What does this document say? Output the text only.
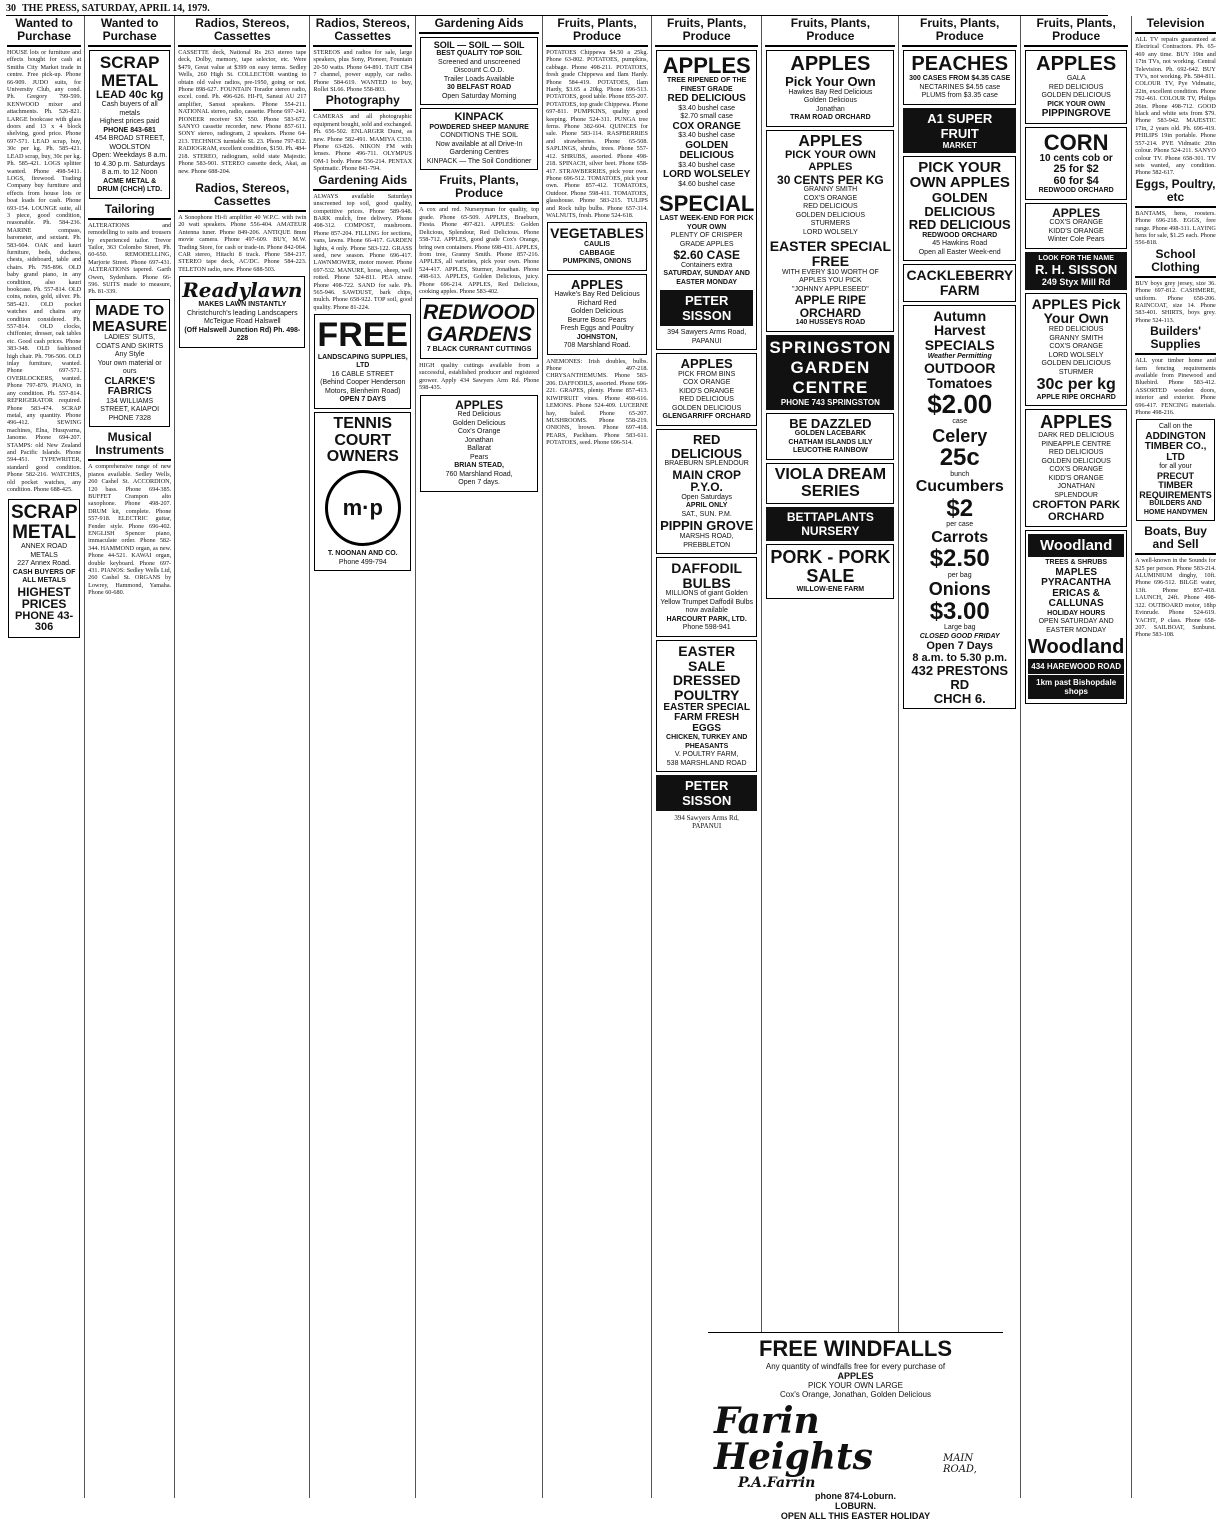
30 THE PRESS, SATURDAY, APRIL 14, 1979.
Wanted to Purchase
HOUSE lots or furniture and effects bought for cash at Smiths City Market trade in centre. Free pick-up. Phone 66-909. JUDO suits, for University Club, any cond. Ph. Gregory 799-599. KENWOOD mixer and attachments. Ph. 526-821. LARGE bookcase with glass doors and 13 x 4 block shelving, good price. Phone 697-571. LEAD scrap, buy, 30c per kg. Ph. 585-421. LEAD scrap, buy, 30c per kg. Ph. 585-421. LOGS splitter wanted. Phone 498-5411. LOGS, firewood. Trading Company buy furniture and effects from house lots or boat loads for cash. Phone 693-154. LOUNGE suite, all 3 piece, good condition, reasonable. Ph. 584-236. MARINE compass, barometer, and sextant. Ph. 583-604. OAK and kauri furniture, beds, duchess, chests, sideboard, table and chairs. Ph. 795-896. OLD baby grand piano, in any condition, also kauri bookcase. Ph. 557-814. OLD coins, notes, gold, silver. Ph. 585-421. OLD pocket watches and chains any condition considered. Ph. 557-814. OLD clocks, chiffonier, dresser, oak tables etc. Good cash prices. Phone 383-348. OLD fashioned high chair. Ph. 796-506. OLD inlay furniture, wanted. Phone 697-571. OVERLOCKERS, wanted. Phone 797-879. PIANO, in any condition. Ph. 557-814. REFRIGERATOR required. Phone 583-474. SCRAP metal, any quantity. Phone 496-412. SEWING machines, Elna, Husqvarna, Janome. Phone 694-207. STAMPS: old New Zealand and Pacific Islands. Phone 594-451. TYPEWRITER, standard good condition. Phone 582-216. WATCHES, old pocket watches, any condition. Phone 688-425.
SCRAP METAL
ANNEX ROAD METALS
227 Annex Road.
CASH BUYERS OF ALL METALS
HIGHEST PRICES
PHONE 43-306
Wanted to Purchase
SCRAP METAL
LEAD 40c kg
Cash buyers of all metals
Highest prices paid
PHONE 843-681
454 BROAD STREET, WOOLSTON
Open: Weekdays 8 a.m. to 4.30 p.m. Saturdays 8 a.m. to 12 Noon
ACME METAL & DRUM (CHCH) LTD.
Tailoring
ALTERATIONS and remodelling to suits and trousers by experienced tailor. Trevor Tailor, 363 Colombo Street, Ph. 60-650. REMODELLING, Marjorie Street. Phone 697-431. ALTERATIONS tapered. Garth Owen, Sydenham. Phone 66-596. SUITS made to measure, Ph. 81-339.
MADE TO MEASURE
LADIES' SUITS, COATS AND SKIRTS
Any Style
Your own material or ours
CLARKE'S FABRICS
134 WILLIAMS STREET, KAIAPOI
PHONE 7328
Musical Instruments
A comprehensive range of new pianos available. Sedley Wells, 260 Cashel St. ACCORDION, 120 bass. Phone 694-385. BUFFET Crampon alto saxophone. Phone 498-207. DRUM kit, complete. Phone 557-918. ELECTRIC guitar, Fender style. Phone 696-402. ENGLISH Spencer piano, immaculate order. Phone 582-344. HAMMOND organ, as new. Phone 44-521. KAWAI organ, double keyboard. Phone 697-431. PIANOS: Sedley Wells Ltd, 260 Cashel St. ORGANS by Lowrey, Hammond, Yamaha. Phone 60-680.
Radios, Stereos, Cassettes
CASSETTE deck, National Rs 263 stereo tape deck, Dolby, memory, tape selector, etc. Were $479, Great value at $399 on easy terms. Sedley Wells, 260 High St. COLLECTOR wanting to obtain old valve radios, pre-1950, going or not. Phone 898-627. FOUNTAIN Torador stereo radio, excel. cond. Ph. 496-626. HI-FI, Sansui AU 217 amplifier, Sansui speakers. Phone 554-211. NATIONAL stereo, radio, cassette. Phone 697-241. PIONEER receiver SX 550. Phone 583-672. SANYO cassette recorder, new. Phone 857-611. SONY stereo, radiogram, 2 speakers. Phone 64-213. TECHNICS turntable SL 23. Phone 797-812. RADIOGRAM, excellent condition, $150. Ph. 484-218. STEREO, radiogram, solid state Majestic. Phone 583-901. STEREO cassette deck, Akai, as new. Phone 688-204.
Radios, Stereos, Cassettes
A Sonophone Hi-fi amplifier 40 W.P.C. with twin 20 watt speakers. Phone 556-404. AMATEUR Antenna tuner. Phone 849-206. ANTIQUE 8mm movie camera. Phone 497-609. BUY, M.W. Trading Store, for cash or trade-in. Phone 842-064. CAR stereo, Hitachi 8 track. Phone 584-217. STEREO tape deck, AC/DC. Phone 584-223. TELETON radio, new. Phone 688-503.
Readylawn
MAKES LAWN INSTANTLY
Christchurch's leading Landscapers
McTeigue Road Halswell
(Off Halswell Junction Rd) Ph. 498-228
Radios, Stereos, Cassettes
STEREOS and radios for sale, large speakers, plus Sony, Pioneer, Fountain 20-50 watts. Phone 64-891. TAIT CB4 7 channel, power supply, car radio. Phone 584-619. WANTED to buy, Rollei SL66. Phone 558-803.
Photography
CAMERAS and all photographic equipment bought, sold and exchanged. Ph. 656-502. ENLARGER Durst, as new. Phone 582-491. MAMIYA C330. Phone 63-826. NIKON FM with lenses. Phone 496-711. OLYMPUS OM-1 body. Phone 556-214. PENTAX Spotmatic. Phone 841-794.
Gardening Aids
ALWAYS available Saturdays unscreened top soil, good quality, competitive prices. Phone 589-948. BARK mulch, free delivery. Phone 498-312. COMPOST, mushroom. Phone 857-204. FILLING for sections, vans, lawns. Phone 66-417. GARDEN lights, 4 only. Phone 583-122. GRASS seed, new season. Phone 696-417. LAWNMOWER, motor mower. Phone 697-532. MANURE, horse, sheep, well rotted. Phone 524-811. PEA straw. Phone 498-722. SAND for sale. Ph. 565-946. SAWDUST, bark chips, mulch. Phone 658-922. TOP soil, good quality. Phone 81-224.
FREE
LANDSCAPING SUPPLIES, LTD
16 CABLE STREET
(Behind Cooper Henderson Motors, Blenheim Road)
OPEN 7 DAYS
TENNIS COURT OWNERS
m·p
T. NOONAN AND CO.
Phone 499-794
Gardening Aids
SOIL — SOIL — SOIL
BEST QUALITY TOP SOIL
Screened and unscreened
Discount C.O.D.
Trailer Loads Available
30 BELFAST ROAD
Open Saturday Morning
KINPACK
POWDERED SHEEP MANURE
CONDITIONS THE SOIL
Now available at all Drive-In Gardening Centres
KINPACK — The Soil Conditioner
Fruits, Plants, Produce
A cox and red. Nurseryman for quality, top grade. Phone 65-509. APPLES, Braeburn, Fiesta. Phone 497-821. APPLES: Golden Delicious, Splendour, Red Delicious. Phone 558-712. APPLES, good grade Cox's Orange, bring own containers. Phone 698-431. APPLES, from tree, Granny Smith. Phone 857-216. APPLES, all varieties, pick your own. Phone 524-417. APPLES, Sturmer, Jonathan. Phone 498-613. APPLES, Golden Delicious, juicy. Phone 696-214. APPLES, Red Delicious, cooking apples. Phone 583-402.
REDWOOD GARDENS
7 BLACK CURRANT CUTTINGS
HIGH quality cuttings available from a successful, established producer and registered grower. Apply 434 Sawyers Arm Rd. Phone 598-435.
APPLES
Red Delicious
Golden Delicious
Cox's Orange
Jonathan
Ballarat
Pears
BRIAN STEAD,
760 Marshland Road,
Open 7 days.
Fruits, Plants, Produce
POTATOES Chippewa $4.50 a 25kg. Phone 63-802. POTATOES, pumpkins, cabbage. Phone 498-211. POTATOES, fresh grade Chippewa and Ilam Hardy. Phone 584-419. POTATOES, Ilam Hardy, $3.65 a 20kg. Phone 696-513. POTATOES, good table. Phone 855-207. POTATOES, top grade Chippewa. Phone 697-811. PUMPKINS, quality good keeping. Phone 524-311. PUNGA tree ferns. Phone 382-604. QUINCES for sale. Phone 583-114. RASPBERRIES and strawberries. Phone 65-508. SAPLINGS, shrubs, trees. Phone 557-412. SHRUBS, assorted. Phone 498-218. SPINACH, silver beet. Phone 658-417. STRAWBERRIES, pick your own. Phone 696-512. TOMATOES, pick your own. Phone 857-412. TOMATOES, Outdoor. Phone 598-411. TOMATOES, glasshouse. Phone 583-215. TULIPS and Rock tulip bulbs. Phone 657-314. WALNUTS, fresh. Phone 524-618.
VEGETABLES
CAULIS
CABBAGE
PUMPKINS, ONIONS
APPLES
Hawke's Bay Red Delicious
Richard Red
Golden Delicious
Beurre Bosc Pears
Fresh Eggs and Poultry
JOHNSTON,
708 Marshland Road.
ANEMONES: Irish doubles, bulbs. Phone 497-218. CHRYSANTHEMUMS. Phone 583-206. DAFFODILS, assorted. Phone 696-221. GRAPES, plenty. Phone 857-413. KIWIFRUIT vines. Phone 498-616. LEMONS. Phone 524-409. LUCERNE hay, baled. Phone 65-207. MUSHROOMS. Phone 558-219. ONIONS, brown. Phone 697-418. PEARS, Packham. Phone 583-611. POTATOES, seed. Phone 696-514.
Fruits, Plants, Produce
APPLES
TREE RIPENED OF THE FINEST GRADE
RED DELICIOUS
$3.40 bushel case
$2.70 small case
COX ORANGE
$3.40 bushel case
GOLDEN DELICIOUS
$3.40 bushel case
LORD WOLSELEY
$4.60 bushel case
SPECIAL
LAST WEEK-END FOR PICK YOUR OWN
PLENTY OF CRISPER GRADE APPLES
$2.60 CASE
Containers extra
SATURDAY, SUNDAY AND EASTER MONDAY
PETER SISSON
394 Sawyers Arms Road,
PAPANUI
APPLES
PICK FROM BINS
COX ORANGE
KIDD'S ORANGE
RED DELICIOUS
GOLDEN DELICIOUS
GLENGARRIFF ORCHARD
RED DELICIOUS
BRAEBURN SPLENDOUR
MAIN CROP
P.Y.O.
Open Saturdays
APRIL ONLY
SAT., SUN. P.M.
PIPPIN GROVE
MARSHS ROAD, PREBBLETON
DAFFODIL BULBS
MILLIONS of giant Golden Yellow Trumpet Daffodil Bulbs now available
HARCOURT PARK, LTD.
Phone 598-941
EASTER SALE DRESSED POULTRY
EASTER SPECIAL
FARM FRESH EGGS
CHICKEN, TURKEY AND PHEASANTS
V. POULTRY FARM,
538 MARSHLAND ROAD
PETER SISSON
394 Sawyers Arms Rd,
PAPANUI
Fruits, Plants, Produce
APPLES
Pick Your Own
Hawkes Bay Red Delicious
Golden Delicious
Jonathan
TRAM ROAD ORCHARD
APPLES
PICK YOUR OWN APPLES
30 CENTS PER KG
GRANNY SMITH
COX'S ORANGE
RED DELICIOUS
GOLDEN DELICIOUS
STURMERS
LORD WOLSELY
EASTER SPECIAL FREE
WITH EVERY $10 WORTH OF APPLES YOU PICK
"JOHNNY APPLESEED"
APPLE RIPE ORCHARD
140 HUSSEYS ROAD
SPRINGSTON GARDEN CENTRE
PHONE 743 SPRINGSTON
BE DAZZLED
GOLDEN LACEBARK
CHATHAM ISLANDS LILY
LEUCOTHE RAINBOW
VIOLA DREAM SERIES
BETTAPLANTS NURSERY
PORK - PORK SALE
WILLOW-ENE FARM
Fruits, Plants, Produce
PEACHES
300 CASES FROM $4.35 CASE
NECTARINES $4.55 case
PLUMS from $3.35 case
A1 SUPER FRUIT
MARKET
PICK YOUR OWN APPLES
GOLDEN DELICIOUS
RED DELICIOUS
REDWOOD ORCHARD
45 Hawkins Road
Open all Easter Week-end
CACKLEBERRY FARM
Autumn Harvest SPECIALS
Weather Permitting
OUTDOOR Tomatoes
$2.00
case
Celery
25c
bunch
Cucumbers
$2
per case
Carrots
$2.50
per bag
Onions
$3.00
Large bag
CLOSED GOOD FRIDAY
Open 7 Days
8 a.m. to 5.30 p.m.
432 PRESTONS RD
CHCH 6.
Fruits, Plants, Produce
APPLES
GALA
RED DELICIOUS
GOLDEN DELICIOUS
PICK YOUR OWN
PIPPINGROVE
CORN
10 cents cob or
25 for $2
60 for $4
REDWOOD ORCHARD
APPLES
COX'S ORANGE
KIDD'S ORANGE
Winter Cole Pears
LOOK FOR THE NAME
R. H. SISSON
249 Styx Mill Rd
APPLES Pick Your Own
RED DELICIOUS
GRANNY SMITH
COX'S ORANGE
LORD WOLSELY
GOLDEN DELICIOUS
STURMER
30c per kg
APPLE RIPE ORCHARD
APPLES
DARK RED DELICIOUS
PINEAPPLE CENTRE
RED DELICIOUS
GOLDEN DELICIOUS
COX'S ORANGE
KIDD'S ORANGE
JONATHAN
SPLENDOUR
CROFTON PARK ORCHARD
Woodland
TREES & SHRUBS
MAPLES
PYRACANTHA
ERICAS & CALLUNAS
HOLIDAY HOURS
OPEN SATURDAY AND EASTER MONDAY
Woodland
434 HAREWOOD ROAD
1km past Bishopdale shops
Television
ALL TV repairs guaranteed at Electrical Contractors. Ph. 65-469 any time. BUY 19in and 17in TVs, not working. Central Television. Ph. 692-642. BUY TV's, not working. Ph. 584-811. COLOUR TV, Pye Vidmatic, 22in, excellent condition. Phone 792-461. COLOUR TV, Philips 26in. Phone 498-712. GOOD black and white sets from $79. Phone 583-942. MAJESTIC 17in, 2 years old. Ph. 696-419. PHILIPS 19in portable. Phone 557-214. PYE Vidmatic 20in colour. Phone 524-211. SANYO colour TV. Phone 658-301. TV sets wanted, any condition. Phone 582-617.
Eggs, Poultry, etc
BANTAMS, hens, roosters. Phone 696-218. EGGS, free range. Phone 498-311. LAYING hens for sale, $1.25 each. Phone 556-818.
School Clothing
BUY boys grey jersey, size 36. Phone 697-812. CASHMERE, uniform. Phone 658-206. RAINCOAT, size 14. Phone 583-401. SHIRTS, boys grey. Phone 524-113.
Builders' Supplies
ALL your timber home and farm fencing requirements available from Pinewood and Bluebird. Phone 583-412. ASSORTED wooden doors, interior and exterior. Phone 696-417. FENCING materials. Phone 498-216.
Call on the
ADDINGTON TIMBER CO., LTD
for all your
PRECUT TIMBER REQUIREMENTS
BUILDERS AND HOME HANDYMEN
Boats, Buy and Sell
A well-known in the Sounds for $25 per person. Phone 583-214. ALUMINIUM dinghy, 10ft. Phone 696-512. BILGE water, 13ft. Phone 857-418. LAUNCH, 24ft. Phone 498-322. OUTBOARD motor, 18hp Evinrude. Phone 524-619. YACHT, P class. Phone 658-207. SAILBOAT, Sunburst. Phone 583-108.
FREE WINDFALLS
Any quantity of windfalls free for every purchase of
APPLES
PICK YOUR OWN LARGE
Cox's Orange, Jonathan, Golden Delicious
Farin Heights	MAIN ROAD,
P.A.Farrin
phone 874-Loburn.
LOBURN.
OPEN ALL THIS EASTER HOLIDAY
